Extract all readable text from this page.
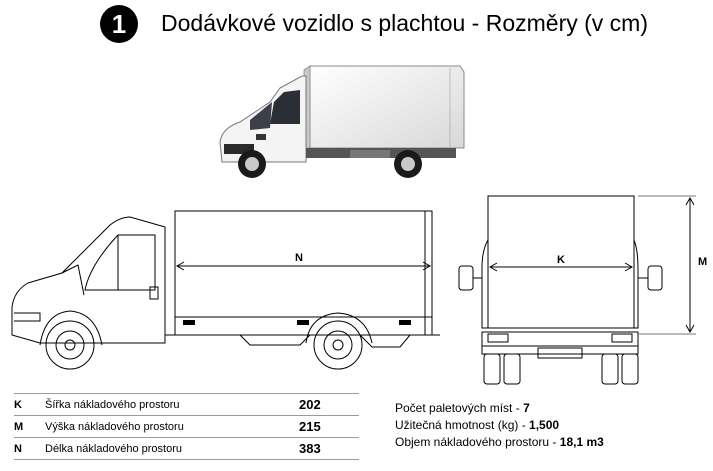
1 Dodávkové vozidlo s plachtou - Rozměry (v cm)
N	K	M
K	Šířka nákladového prostoru	202
M	Výška nákladového prostoru	215
N	Délka nákladového prostoru	383
Počet paletových míst - 7
Užitečná hmotnost (kg) - 1,500
Objem nákladového prostoru - 18,1 m3
